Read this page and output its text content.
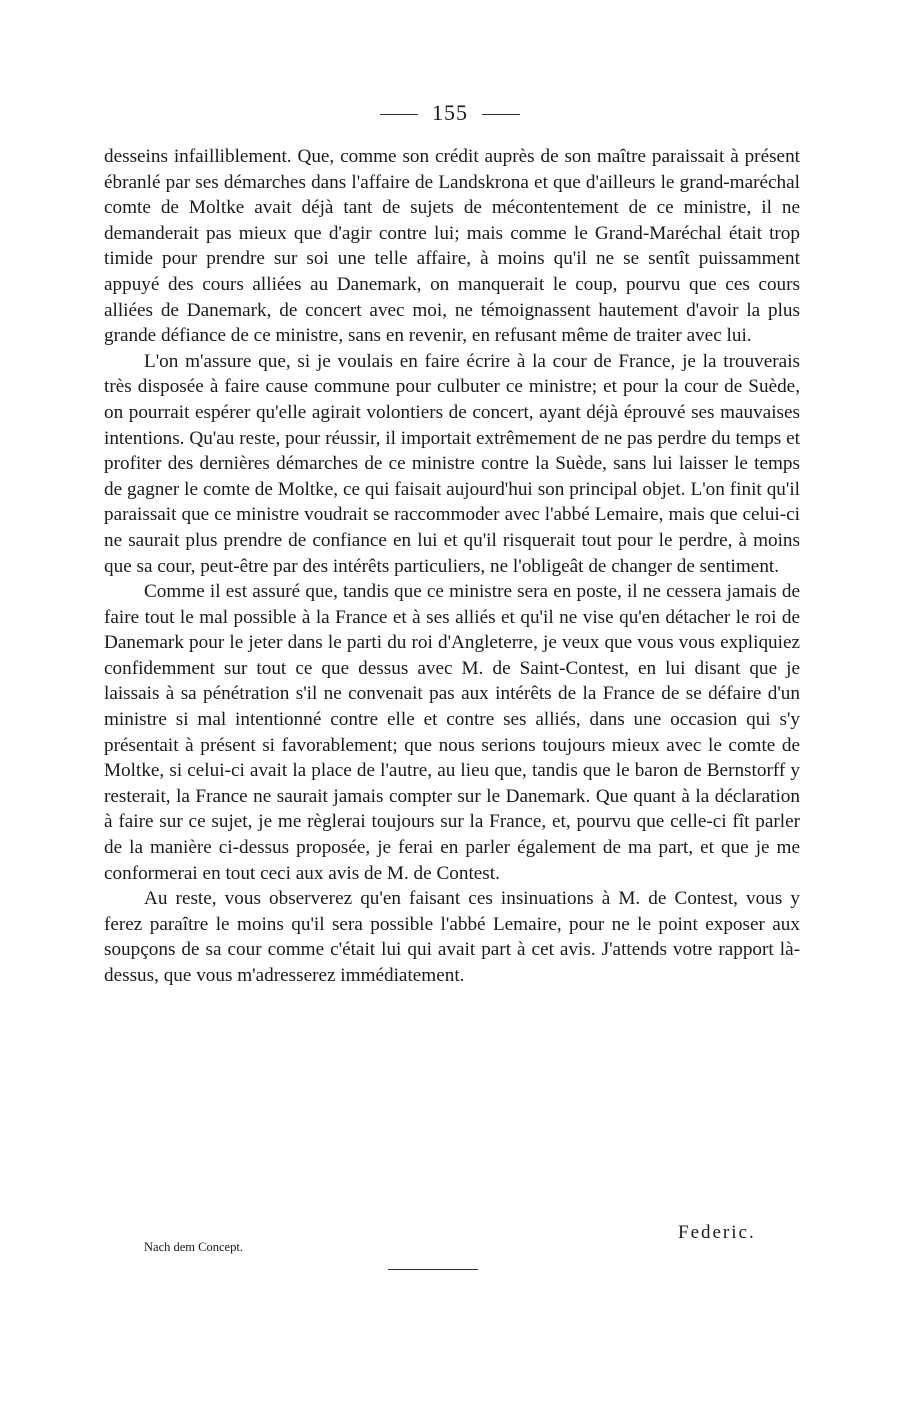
155

desseins infailliblement. Que, comme son crédit auprès de son maître paraissait à présent ébranlé par ses démarches dans l'affaire de Landskrona et que d'ailleurs le grand-maréchal comte de Moltke avait déjà tant de sujets de mécontentement de ce ministre, il ne demanderait pas mieux que d'agir contre lui; mais comme le Grand-Maréchal était trop timide pour prendre sur soi une telle affaire, à moins qu'il ne se sentît puissamment appuyé des cours alliées au Danemark, on manquerait le coup, pourvu que ces cours alliées de Danemark, de concert avec moi, ne témoignassent hautement d'avoir la plus grande défiance de ce ministre, sans en revenir, en refusant même de traiter avec lui.

L'on m'assure que, si je voulais en faire écrire à la cour de France, je la trouverais très disposée à faire cause commune pour culbuter ce ministre; et pour la cour de Suède, on pourrait espérer qu'elle agirait volontiers de concert, ayant déjà éprouvé ses mauvaises intentions. Qu'au reste, pour réussir, il importait extrêmement de ne pas perdre du temps et profiter des dernières démarches de ce ministre contre la Suède, sans lui laisser le temps de gagner le comte de Moltke, ce qui faisait aujourd'hui son principal objet. L'on finit qu'il paraissait que ce ministre voudrait se raccommoder avec l'abbé Lemaire, mais que celui-ci ne saurait plus prendre de confiance en lui et qu'il risquerait tout pour le perdre, à moins que sa cour, peut-être par des intérêts particuliers, ne l'obligeât de changer de sentiment.

Comme il est assuré que, tandis que ce ministre sera en poste, il ne cessera jamais de faire tout le mal possible à la France et à ses alliés et qu'il ne vise qu'en détacher le roi de Danemark pour le jeter dans le parti du roi d'Angleterre, je veux que vous vous expliquiez confidemment sur tout ce que dessus avec M. de Saint-Contest, en lui disant que je laissais à sa pénétration s'il ne convenait pas aux intérêts de la France de se défaire d'un ministre si mal intentionné contre elle et contre ses alliés, dans une occasion qui s'y présentait à présent si favorablement; que nous serions toujours mieux avec le comte de Moltke, si celui-ci avait la place de l'autre, au lieu que, tandis que le baron de Bernstorff y resterait, la France ne saurait jamais compter sur le Danemark. Que quant à la déclaration à faire sur ce sujet, je me règlerai toujours sur la France, et, pourvu que celle-ci fît parler de la manière ci-dessus proposée, je ferai en parler également de ma part, et que je me conformerai en tout ceci aux avis de M. de Contest.

Au reste, vous observerez qu'en faisant ces insinuations à M. de Contest, vous y ferez paraître le moins qu'il sera possible l'abbé Lemaire, pour ne le point exposer aux soupçons de sa cour comme c'était lui qui avait part à cet avis. J'attends votre rapport là-dessus, que vous m'adresserez immédiatement.

Federic.
Nach dem Concept.
